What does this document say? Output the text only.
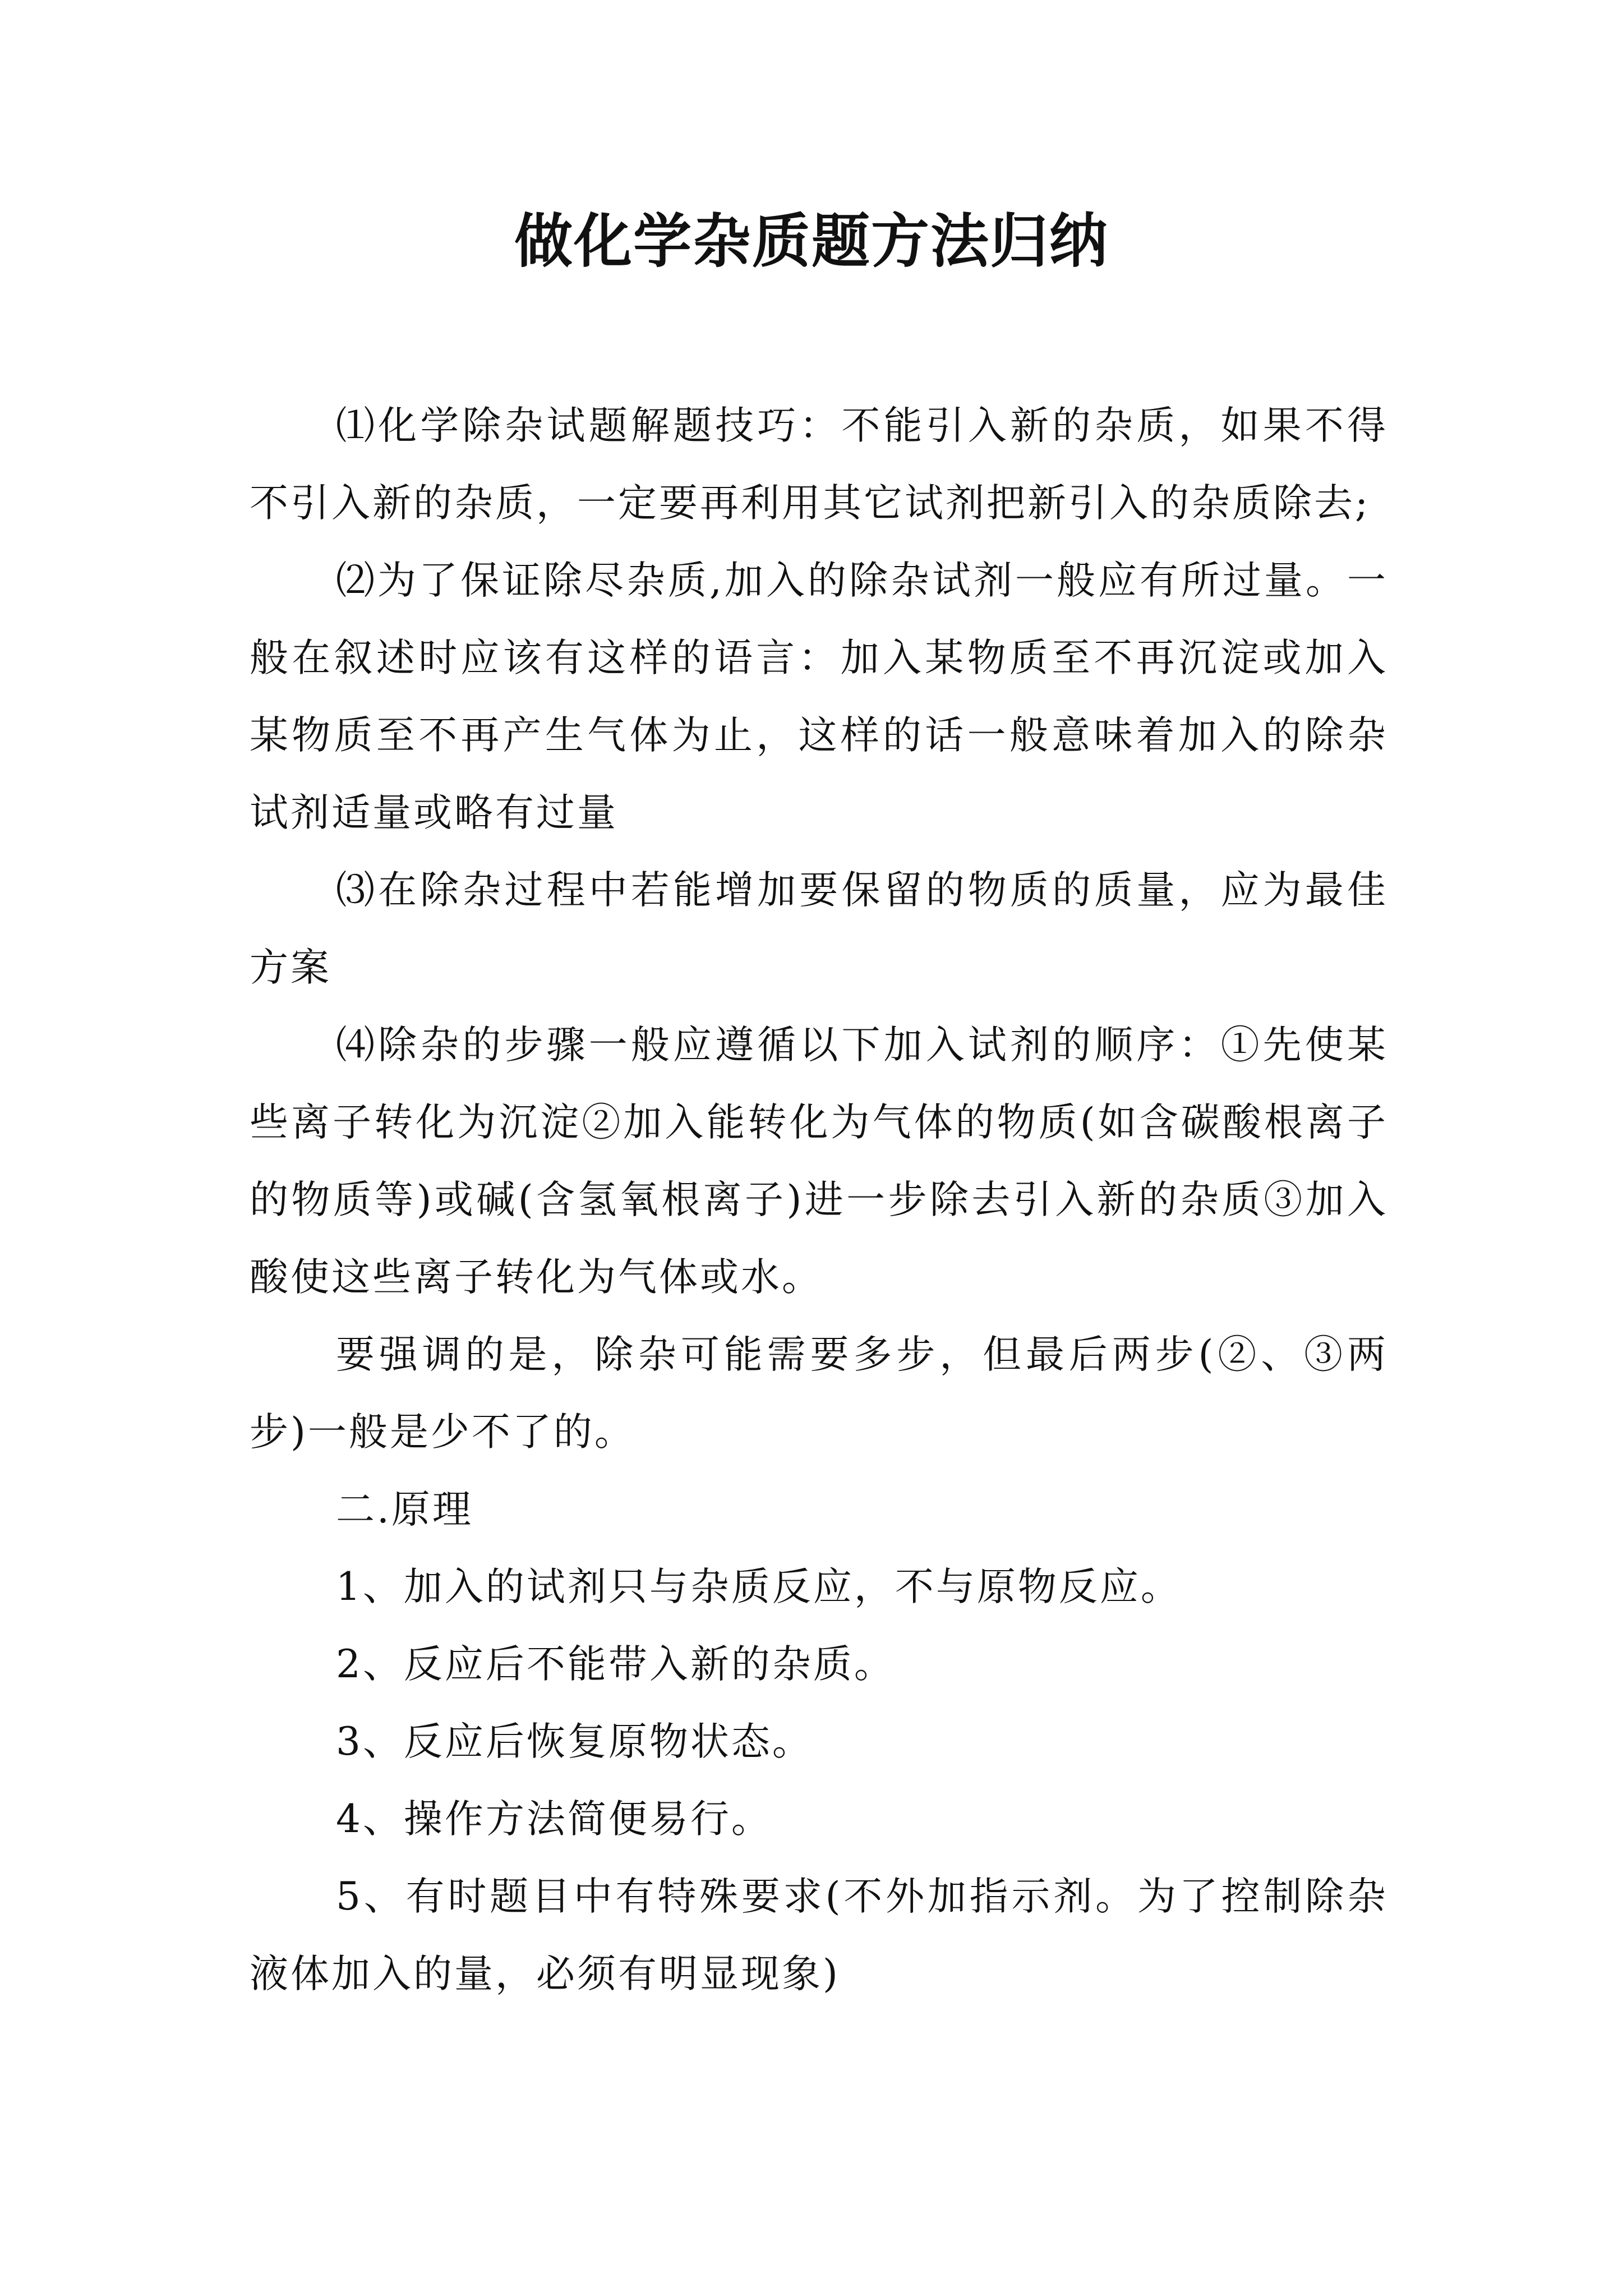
做化学杂质题方法归纳

⑴化学除杂试题解题技巧：不能引入新的杂质，如果不得不引入新的杂质，一定要再利用其它试剂把新引入的杂质除去;

⑵为了保证除尽杂质,加入的除杂试剂一般应有所过量。一般在叙述时应该有这样的语言：加入某物质至不再沉淀或加入某物质至不再产生气体为止，这样的话一般意味着加入的除杂试剂适量或略有过量

⑶在除杂过程中若能增加要保留的物质的质量，应为最佳方案

⑷除杂的步骤一般应遵循以下加入试剂的顺序：①先使某些离子转化为沉淀②加入能转化为气体的物质(如含碳酸根离子的物质等)或碱(含氢氧根离子)进一步除去引入新的杂质③加入酸使这些离子转化为气体或水。

要强调的是，除杂可能需要多步，但最后两步(②、③两步)一般是少不了的。

二.原理

1、加入的试剂只与杂质反应，不与原物反应。

2、反应后不能带入新的杂质。

3、反应后恢复原物状态。

4、操作方法简便易行。

5、有时题目中有特殊要求(不外加指示剂。为了控制除杂液体加入的量，必须有明显现象)
